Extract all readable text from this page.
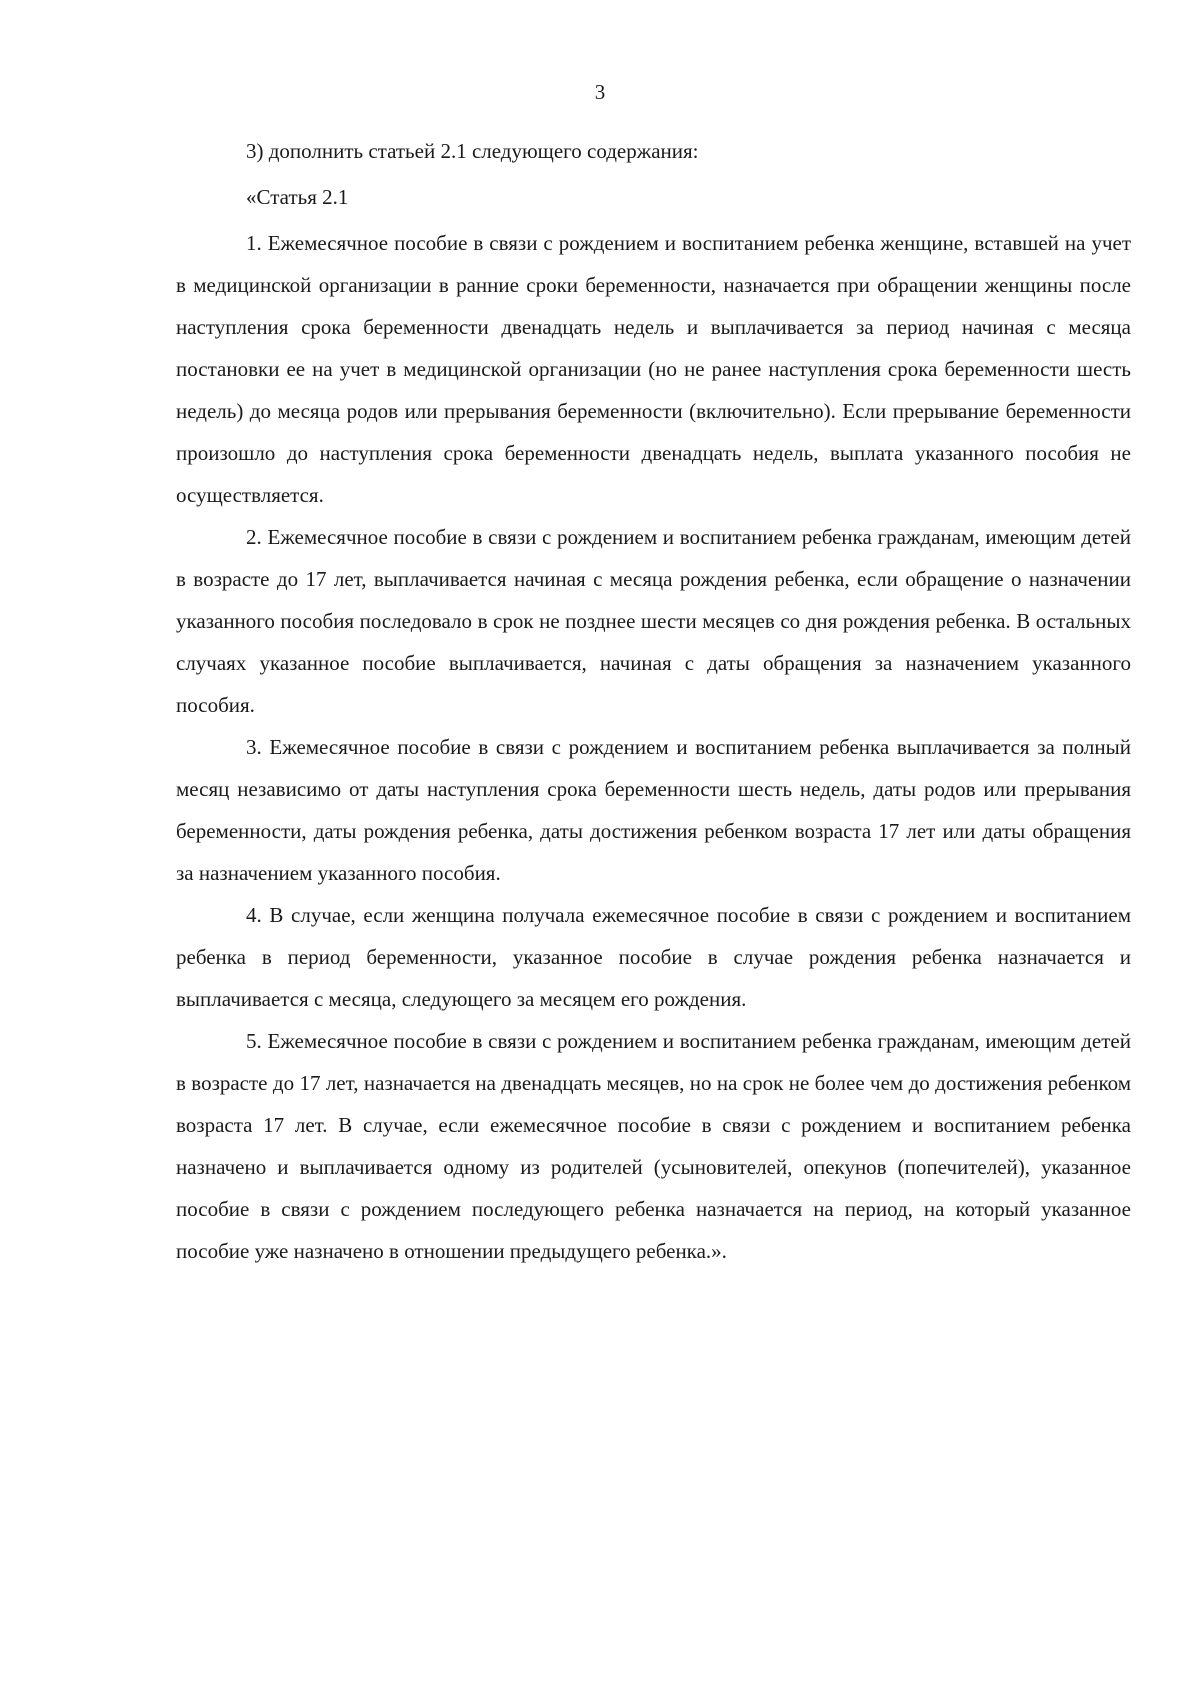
3

3) дополнить статьей 2.1 следующего содержания:

«Статья 2.1

1. Ежемесячное пособие в связи с рождением и воспитанием ребенка женщине, вставшей на учет в медицинской организации в ранние сроки беременности, назначается при обращении женщины после наступления срока беременности двенадцать недель и выплачивается за период начиная с месяца постановки ее на учет в медицинской организации (но не ранее наступления срока беременности шесть недель) до месяца родов или прерывания беременности (включительно). Если прерывание беременности произошло до наступления срока беременности двенадцать недель, выплата указанного пособия не осуществляется.

2. Ежемесячное пособие в связи с рождением и воспитанием ребенка гражданам, имеющим детей в возрасте до 17 лет, выплачивается начиная с месяца рождения ребенка, если обращение о назначении указанного пособия последовало в срок не позднее шести месяцев со дня рождения ребенка. В остальных случаях указанное пособие выплачивается, начиная с даты обращения за назначением указанного пособия.

3. Ежемесячное пособие в связи с рождением и воспитанием ребенка выплачивается за полный месяц независимо от даты наступления срока беременности шесть недель, даты родов или прерывания беременности, даты рождения ребенка, даты достижения ребенком возраста 17 лет или даты обращения за назначением указанного пособия.

4. В случае, если женщина получала ежемесячное пособие в связи с рождением и воспитанием ребенка в период беременности, указанное пособие в случае рождения ребенка назначается и выплачивается с месяца, следующего за месяцем его рождения.

5. Ежемесячное пособие в связи с рождением и воспитанием ребенка гражданам, имеющим детей в возрасте до 17 лет, назначается на двенадцать месяцев, но на срок не более чем до достижения ребенком возраста 17 лет. В случае, если ежемесячное пособие в связи с рождением и воспитанием ребенка назначено и выплачивается одному из родителей (усыновителей, опекунов (попечителей), указанное пособие в связи с рождением последующего ребенка назначается на период, на который указанное пособие уже назначено в отношении предыдущего ребенка.».
